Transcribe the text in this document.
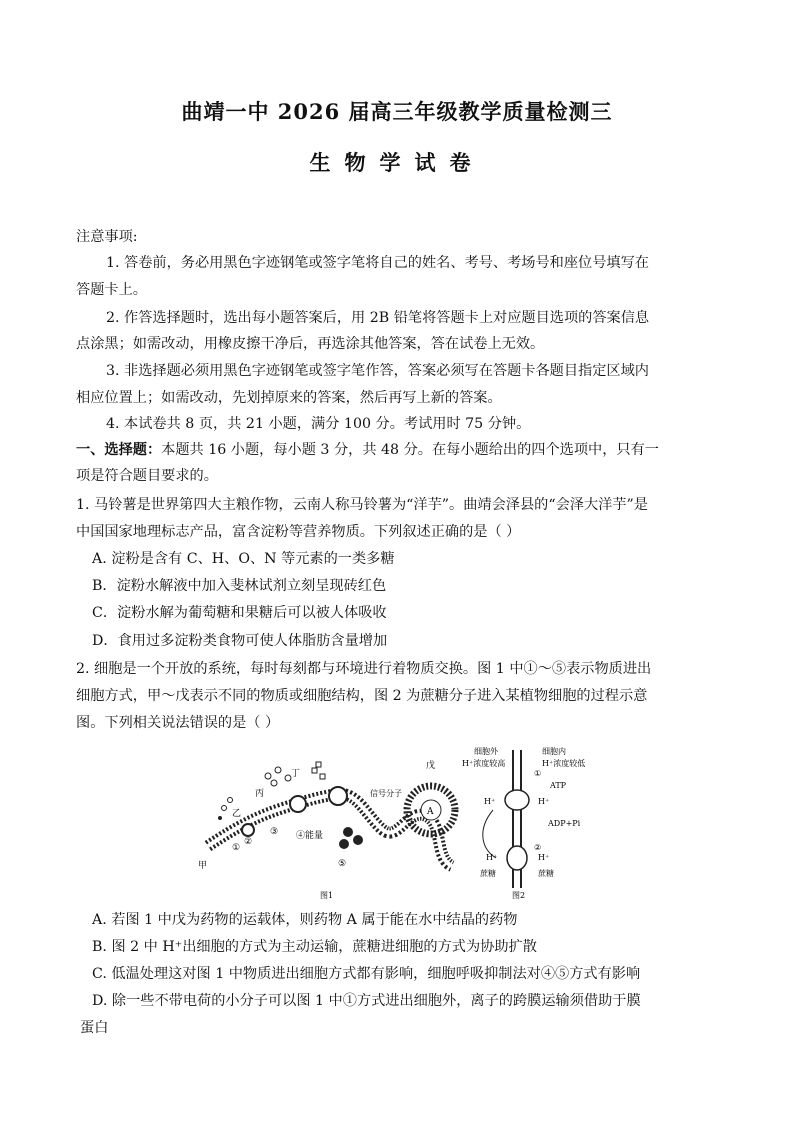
曲靖一中 2026 届高三年级教学质量检测三
生物学试卷
注意事项:
1. 答卷前，务必用黑色字迹钢笔或签字笔将自己的姓名、考号、考场号和座位号填写在
答题卡上。
2. 作答选择题时，选出每小题答案后，用 2B 铅笔将答题卡上对应题目选项的答案信息
点涂黑；如需改动，用橡皮擦干净后，再选涂其他答案，答在试卷上无效。
3. 非选择题必须用黑色字迹钢笔或签字笔作答，答案必须写在答题卡各题目指定区域内
相应位置上；如需改动，先划掉原来的答案，然后再写上新的答案。
4. 本试卷共 8 页，共 21 小题，满分 100 分。考试用时 75 分钟。
一、选择题：本题共 16 小题，每小题 3 分，共 48 分。在每小题给出的四个选项中，只有一
项是符合题目要求的。
1. 马铃薯是世界第四大主粮作物，云南人称马铃薯为“洋芋”。曲靖会泽县的“会泽大洋芋”是
中国国家地理标志产品，富含淀粉等营养物质。下列叙述正确的是（ ）
A. 淀粉是含有 C、H、O、N 等元素的一类多糖
B．淀粉水解液中加入斐林试剂立刻呈现砖红色
C．淀粉水解为葡萄糖和果糖后可以被人体吸收
D．食用过多淀粉类食物可使人体脂肪含量增加
2. 细胞是一个开放的系统，每时每刻都与环境进行着物质交换。图 1 中①～⑤表示物质进出
细胞方式，甲～戊表示不同的物质或细胞结构，图 2 为蔗糖分子进入某植物细胞的过程示意
图。下列相关说法错误的是（ ）
甲
①
乙
②
丙
③
丁
④能量
信号分子
戊
A
⑤
图1
细胞外
H⁺浓度较高
细胞内
H⁺浓度较低
①
ATP
H⁺	H⁺
ADP+Pi
②
H⁺	H⁺
蔗糖	蔗糖
图2
A. 若图 1 中戊为药物的运载体，则药物 A 属于能在水中结晶的药物
B. 图 2 中 H⁺出细胞的方式为主动运输，蔗糖进细胞的方式为协助扩散
C. 低温处理这对图 1 中物质进出细胞方式都有影响，细胞呼吸抑制法对④⑤方式有影响
D. 除一些不带电荷的小分子可以图 1 中①方式进出细胞外，离子的跨膜运输须借助于膜
蛋白
